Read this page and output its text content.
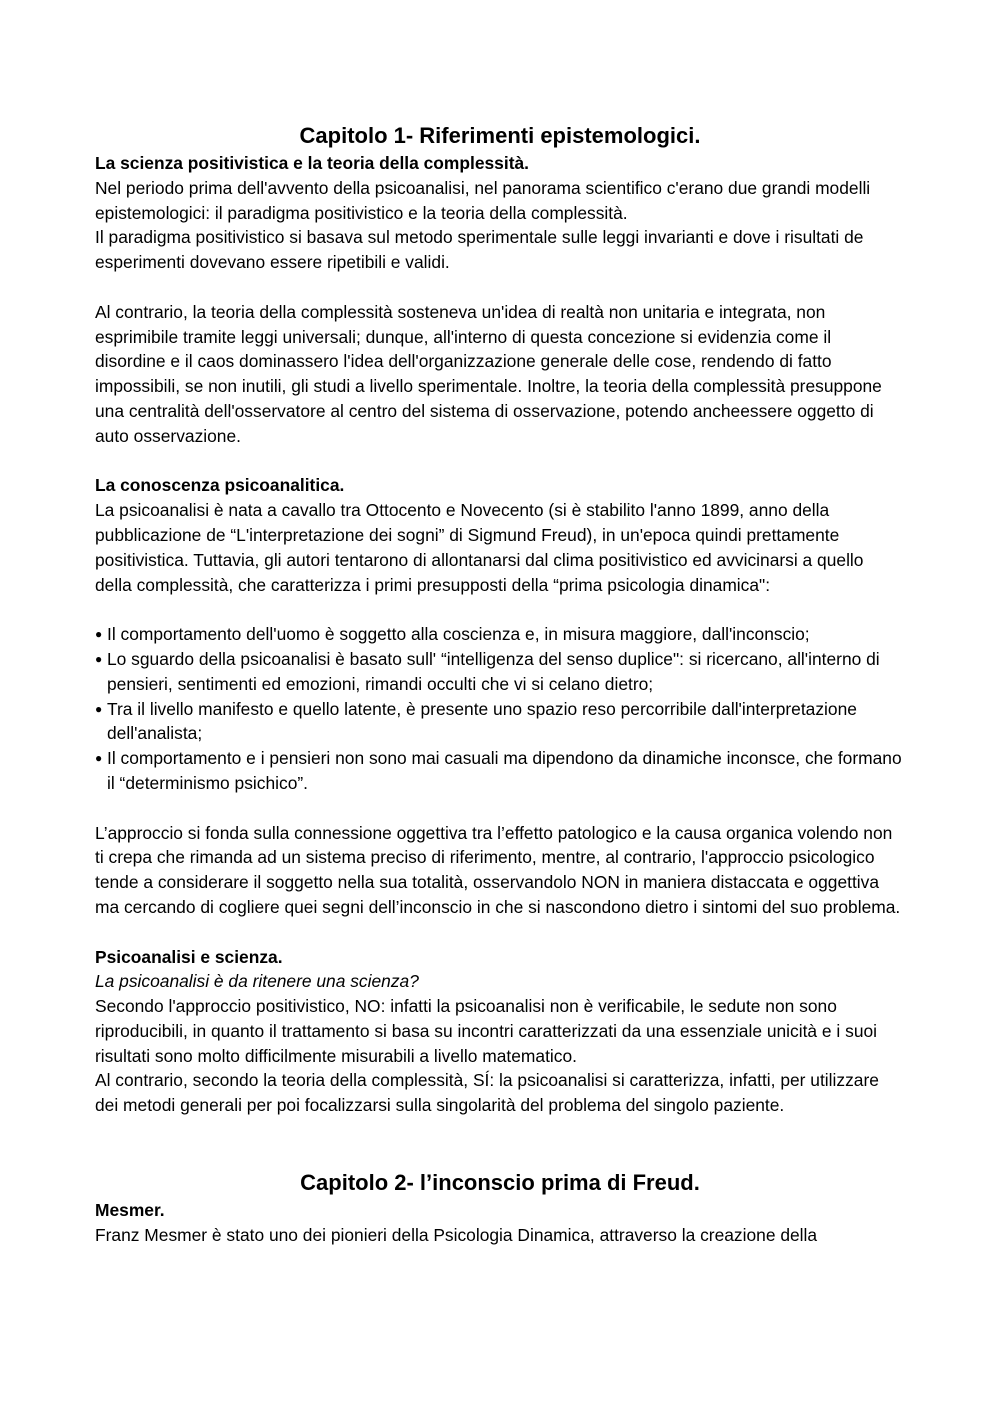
Capitolo 1- Riferimenti epistemologici.

La scienza positivistica e la teoria della complessità.

Nel periodo prima dell'avvento della psicoanalisi, nel panorama scientifico c'erano due grandi modelli epistemologici: il paradigma positivistico e la teoria della complessità.

Il paradigma positivistico si basava sul metodo sperimentale sulle leggi invarianti e dove i risultati de esperimenti dovevano essere ripetibili e validi.

Al contrario, la teoria della complessità sosteneva un'idea di realtà non unitaria e integrata, non esprimibile tramite leggi universali; dunque, all'interno di questa concezione si evidenzia come il disordine e il caos dominassero l'idea dell'organizzazione generale delle cose, rendendo di fatto impossibili, se non inutili, gli studi a livello sperimentale. Inoltre, la teoria della complessità presuppone una centralità dell'osservatore al centro del sistema di osservazione, potendo ancheessere oggetto di auto osservazione.

La conoscenza psicoanalitica.

La psicoanalisi è nata a cavallo tra Ottocento e Novecento (si è stabilito l'anno 1899, anno della pubblicazione de “L'interpretazione dei sogni” di Sigmund Freud), in un'epoca quindi prettamente positivistica. Tuttavia, gli autori tentarono di allontanarsi dal clima positivistico ed avvicinarsi a quello della complessità, che caratterizza i primi presupposti della “prima psicologia dinamica":

● Il comportamento dell'uomo è soggetto alla coscienza e, in misura maggiore, dall'inconscio;
● Lo sguardo della psicoanalisi è basato sull' “intelligenza del senso duplice": si ricercano, all'interno di pensieri, sentimenti ed emozioni, rimandi occulti che vi si celano dietro;
● Tra il livello manifesto e quello latente, è presente uno spazio reso percorribile dall'interpretazione dell'analista;
● Il comportamento e i pensieri non sono mai casuali ma dipendono da dinamiche inconsce, che formano il “determinismo psichico”.

L’approccio si fonda sulla connessione oggettiva tra l’effetto patologico e la causa organica volendo non ti crepa che rimanda ad un sistema preciso di riferimento, mentre, al contrario, l'approccio psicologico tende a considerare il soggetto nella sua totalità, osservandolo NON in maniera distaccata e oggettiva ma cercando di cogliere quei segni dell’inconscio in che si nascondono dietro i sintomi del suo problema.

Psicoanalisi e scienza.

La psicoanalisi è da ritenere una scienza?

Secondo l'approccio positivistico, NO: infatti la psicoanalisi non è verificabile, le sedute non sono riproducibili, in quanto il trattamento si basa su incontri caratterizzati da una essenziale unicità e i suoi risultati sono molto difficilmente misurabili a livello matematico.

Al contrario, secondo la teoria della complessità, SÍ: la psicoanalisi si caratterizza, infatti, per utilizzare dei metodi generali per poi focalizzarsi sulla singolarità del problema del singolo paziente.

Capitolo 2- l’inconscio prima di Freud.

Mesmer.

Franz Mesmer è stato uno dei pionieri della Psicologia Dinamica, attraverso la creazione della
